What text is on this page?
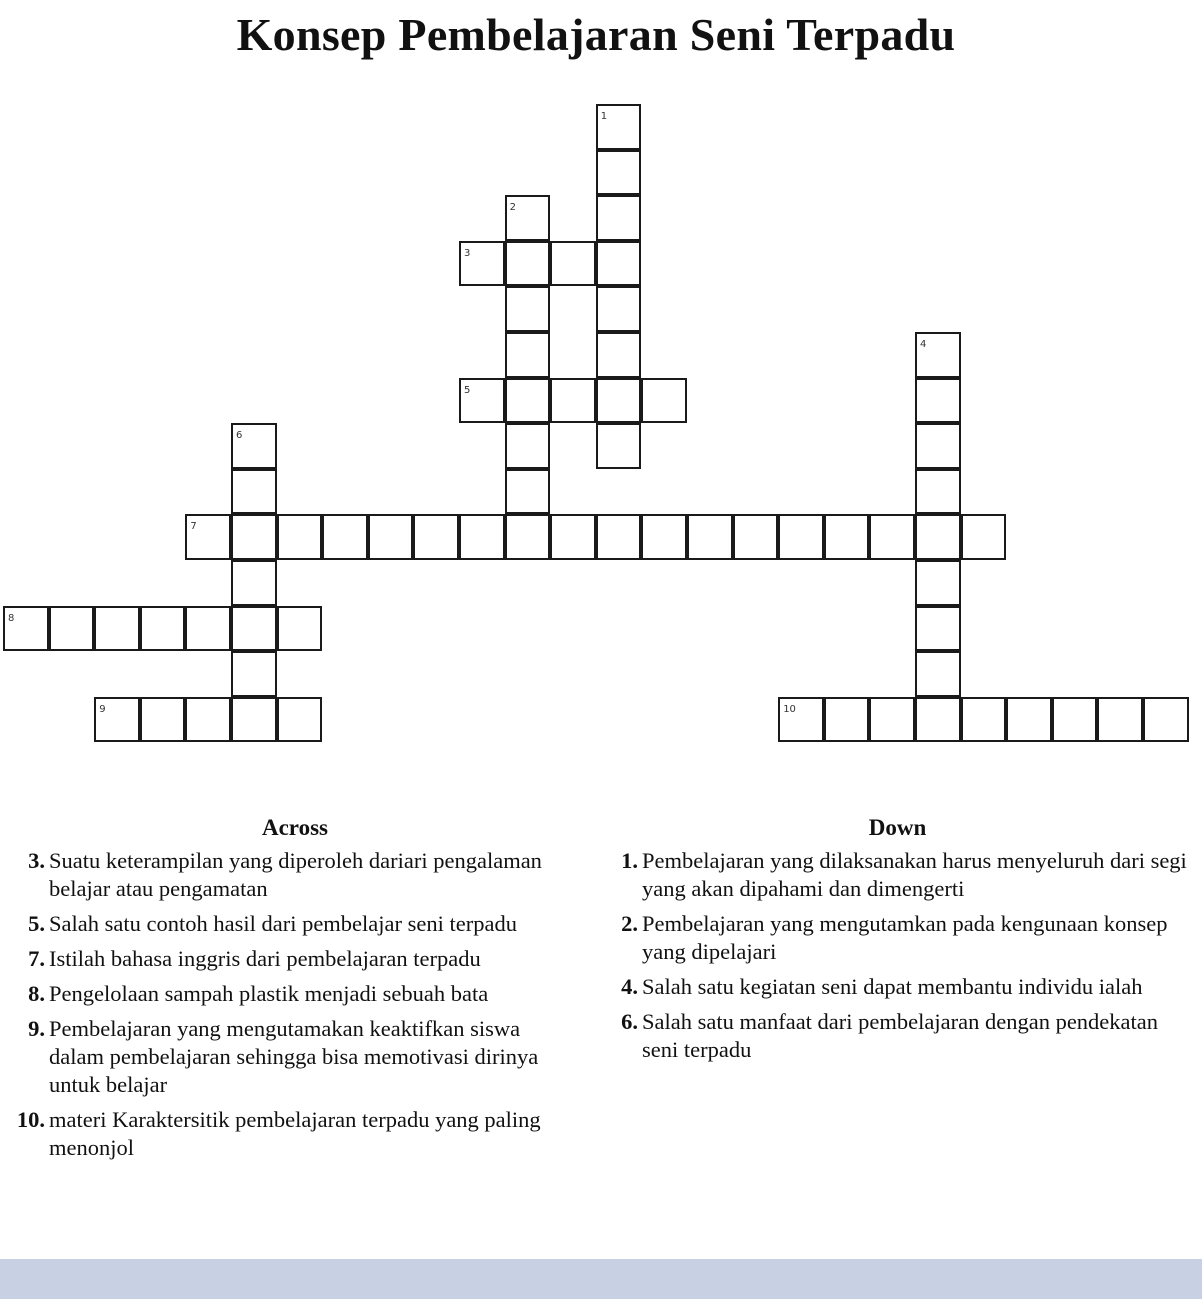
Konsep Pembelajaran Seni Terpadu
1
2
3
4
5
6
7
8
9	10
Across
3. Suatu keterampilan yang diperoleh dariari pengalaman belajar atau pengamatan
5. Salah satu contoh hasil dari pembelajar seni terpadu
7. Istilah bahasa inggris dari pembelajaran terpadu
8. Pengelolaan sampah plastik menjadi sebuah bata
9. Pembelajaran yang mengutamakan keaktifkan siswa dalam pembelajaran sehingga bisa memotivasi dirinya untuk belajar
10. materi Karaktersitik pembelajaran terpadu yang paling menonjol
Down
1. Pembelajaran yang dilaksanakan harus menyeluruh dari segi yang akan dipahami dan dimengerti
2. Pembelajaran yang mengutamkan pada kengunaan konsep yang dipelajari
4. Salah satu kegiatan seni dapat membantu individu ialah
6. Salah satu manfaat dari pembelajaran dengan pendekatan seni terpadu
